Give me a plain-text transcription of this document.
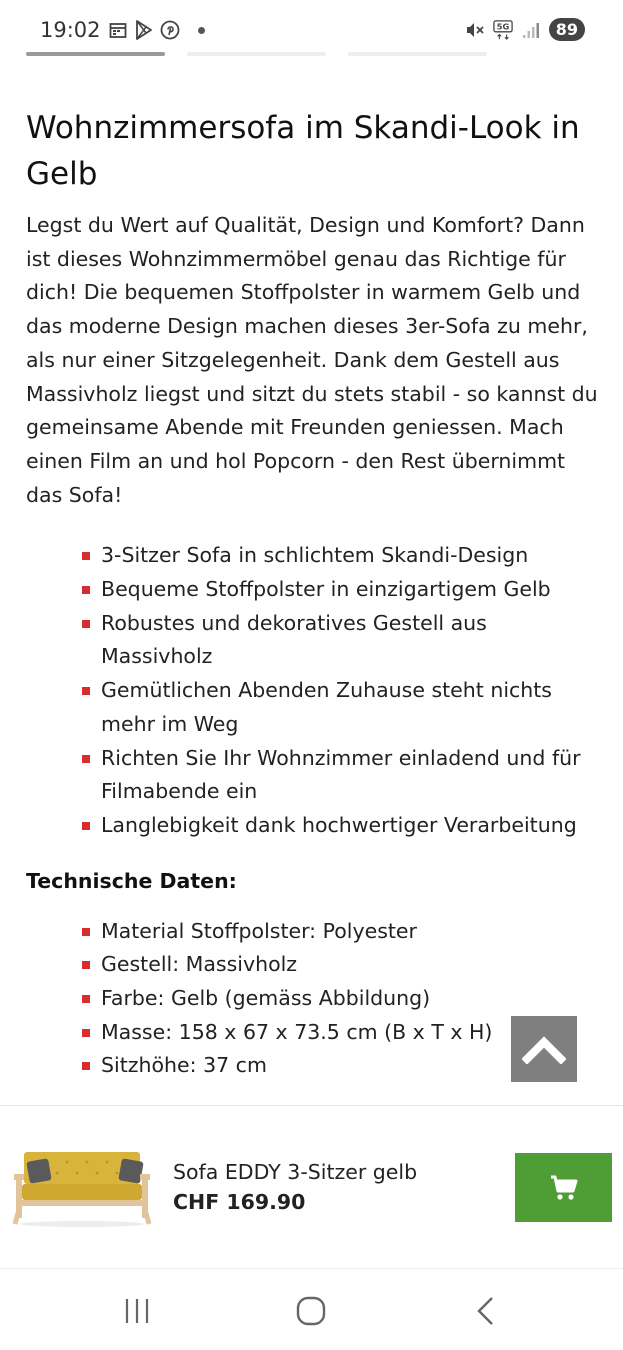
19:02	5G	89
Wohnzimmersofa im Skandi-Look in Gelb

Legst du Wert auf Qualität, Design und Komfort? Dann ist dieses Wohnzimmermöbel genau das Richtige für dich! Die bequemen Stoffpolster in warmem Gelb und das moderne Design machen dieses 3er-Sofa zu mehr, als nur einer Sitzgelegenheit. Dank dem Gestell aus Massivholz liegst und sitzt du stets stabil - so kannst du gemeinsame Abende mit Freunden geniessen. Mach einen Film an und hol Popcorn - den Rest übernimmt das Sofa!

3-Sitzer Sofa in schlichtem Skandi-Design
Bequeme Stoffpolster in einzigartigem Gelb
Robustes und dekoratives Gestell aus Massivholz
Gemütlichen Abenden Zuhause steht nichts mehr im Weg
Richten Sie Ihr Wohnzimmer einladend und für Filmabende ein
Langlebigkeit dank hochwertiger Verarbeitung
Technische Daten:
Material Stoffpolster: Polyester
Gestell: Massivholz
Farbe: Gelb (gemäss Abbildung)
Masse: 158 x 67 x 73.5 cm (B x T x H)
Sitzhöhe: 37 cm
Sofa EDDY 3-Sitzer gelb
CHF 169.90
